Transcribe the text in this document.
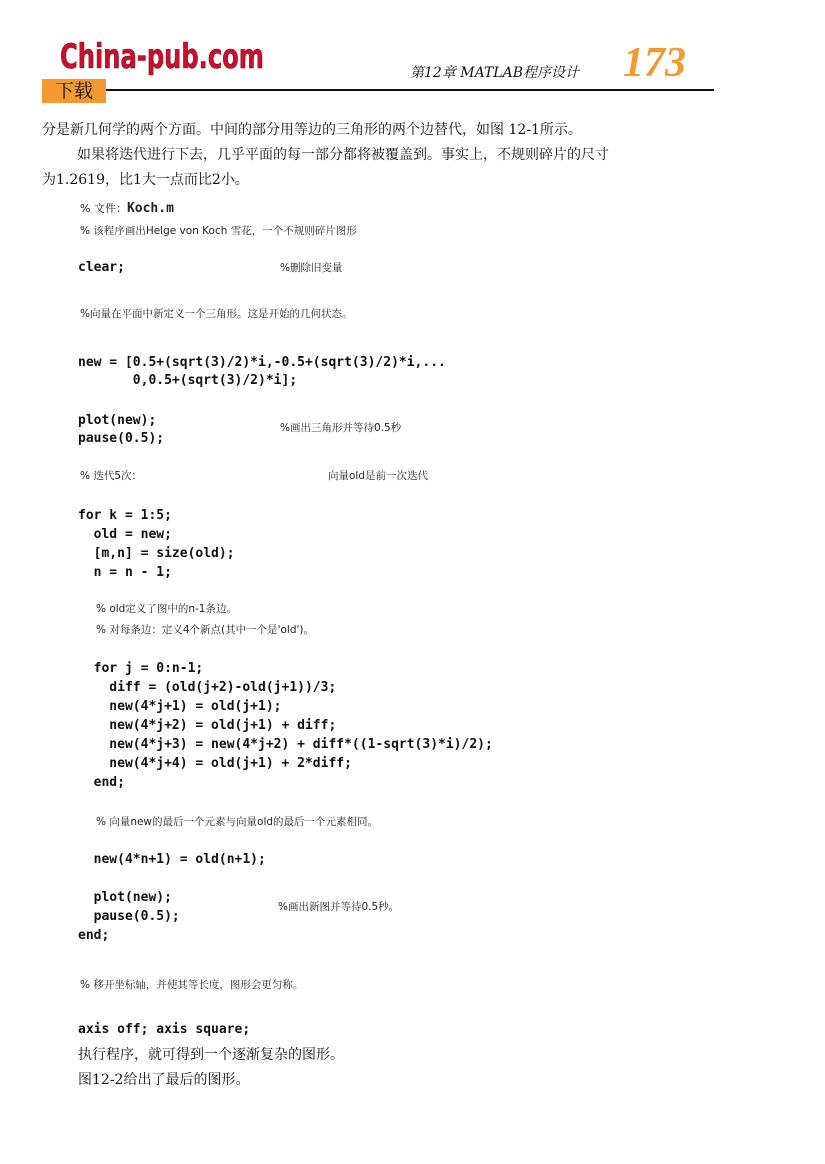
China-pub.com
下载
第12章 MATLAB程序设计 173
分是新几何学的两个方面。中间的部分用等边的三角形的两个边替代，如图 12-1所示。
如果将迭代进行下去，几乎平面的每一部分都将被覆盖到。事实上，不规则碎片的尺寸
为1.2619，比1大一点而比2小。
% 文件：Koch.m
% 该程序画出Helge von Koch 雪花，一个不规则碎片图形
clear;	%删除旧变量
%向量在平面中新定义一个三角形。这是开始的几何状态。
new = [0.5+(sqrt(3)/2)*i,-0.5+(sqrt(3)/2)*i,...
0,0.5+(sqrt(3)/2)*i];
plot(new);
pause(0.5);
%画出三角形并等待0.5秒
% 迭代5次：	向量old是前一次迭代
for k = 1:5;
old = new;
[m,n] = size(old);
n = n - 1;
% old定义了图中的n-1条边。
% 对每条边：定义4个新点(其中一个是'old')。
for j = 0:n-1;
diff = (old(j+2)-old(j+1))/3;
new(4*j+1) = old(j+1);
new(4*j+2) = old(j+1) + diff;
new(4*j+3) = new(4*j+2) + diff*((1-sqrt(3)*i)/2);
new(4*j+4) = old(j+1) + 2*diff;
end;
% 向量new的最后一个元素与向量old的最后一个元素相同。
new(4*n+1) = old(n+1);
plot(new);
pause(0.5);
end;
%画出新图并等待0.5秒。
% 移开坐标轴，并使其等长度，图形会更匀称。
axis off; axis square;
执行程序，就可得到一个逐渐复杂的图形。
图12-2给出了最后的图形。
